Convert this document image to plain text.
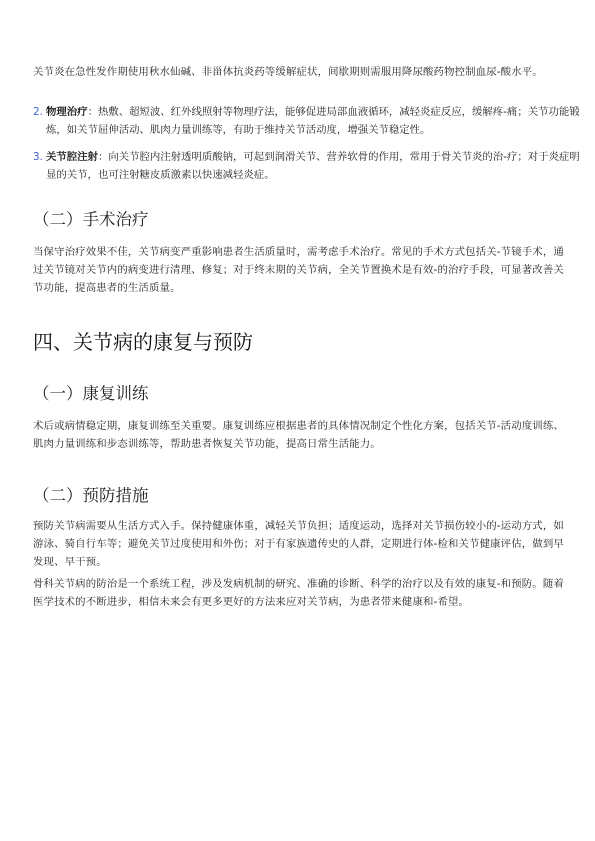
关节炎在急性发作期使用秋水仙碱、非甾体抗炎药等缓解症状，间歇期则需服用降尿酸药物控制血尿-酸水平。

2. 物理治疗：热敷、超短波、红外线照射等物理疗法，能够促进局部血液循环，减轻炎症反应，缓解疼-痛；关节功能锻炼，如关节屈伸活动、肌肉力量训练等，有助于维持关节活动度，增强关节稳定性。
3. 关节腔注射：向关节腔内注射透明质酸钠，可起到润滑关节、营养软骨的作用，常用于骨关节炎的治-疗；对于炎症明显的关节，也可注射糖皮质激素以快速减轻炎症。
（二）手术治疗

当保守治疗效果不佳，关节病变严重影响患者生活质量时，需考虑手术治疗。常见的手术方式包括关-节镜手术，通过关节镜对关节内的病变进行清理、修复；对于终末期的关节病，全关节置换术是有效-的治疗手段，可显著改善关节功能，提高患者的生活质量。

四、关节病的康复与预防
（一）康复训练

术后或病情稳定期，康复训练至关重要。康复训练应根据患者的具体情况制定个性化方案，包括关节-活动度训练、肌肉力量训练和步态训练等，帮助患者恢复关节功能，提高日常生活能力。

（二）预防措施

预防关节病需要从生活方式入手。保持健康体重，减轻关节负担；适度运动，选择对关节损伤较小的-运动方式，如游泳、骑自行车等；避免关节过度使用和外伤；对于有家族遗传史的人群，定期进行体-检和关节健康评估，做到早发现、早干预。

骨科关节病的防治是一个系统工程，涉及发病机制的研究、准确的诊断、科学的治疗以及有效的康复-和预防。随着医学技术的不断进步，相信未来会有更多更好的方法来应对关节病，为患者带来健康和-希望。
